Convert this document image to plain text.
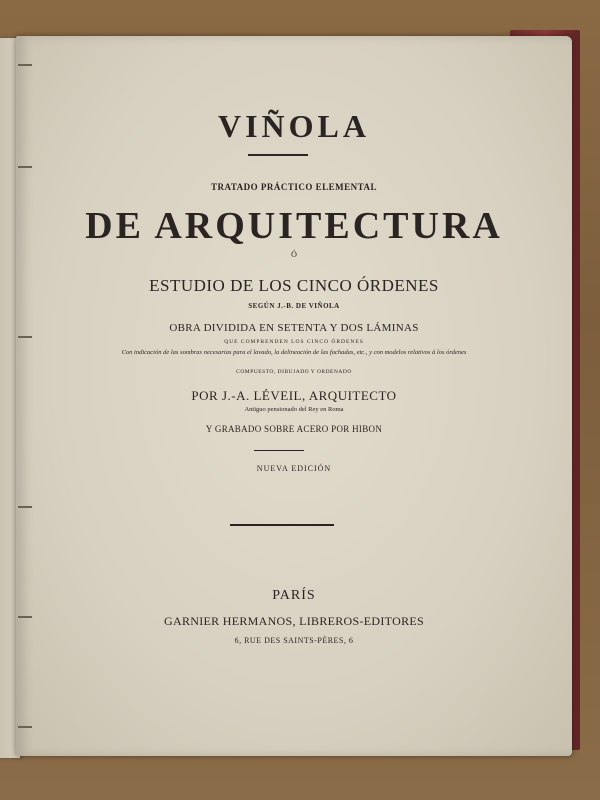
VIÑOLA
TRATADO PRÁCTICO ELEMENTAL
DE ARQUITECTURA
Ó
ESTUDIO DE LOS CINCO ÓRDENES
SEGÚN J.-B. DE VIÑOLA
OBRA DIVIDIDA EN SETENTA Y DOS LÁMINAS
QUE COMPRENDEN LOS CINCO ÓRDENES
Con indicación de las sombras necesarias para el lavado, la delineación de las fachadas, etc., y con modelos relativos á los órdenes
COMPUESTO, DIBUJADO Y ORDENADO
POR J.-A. LÉVEIL, ARQUITECTO
Antiguo pensionado del Rey en Roma
Y GRABADO SOBRE ACERO POR HIBON
NUEVA EDICIÓN
PARÍS
GARNIER HERMANOS, LIBREROS-EDITORES
6, RUE DES SAINTS-PÈRES, 6
